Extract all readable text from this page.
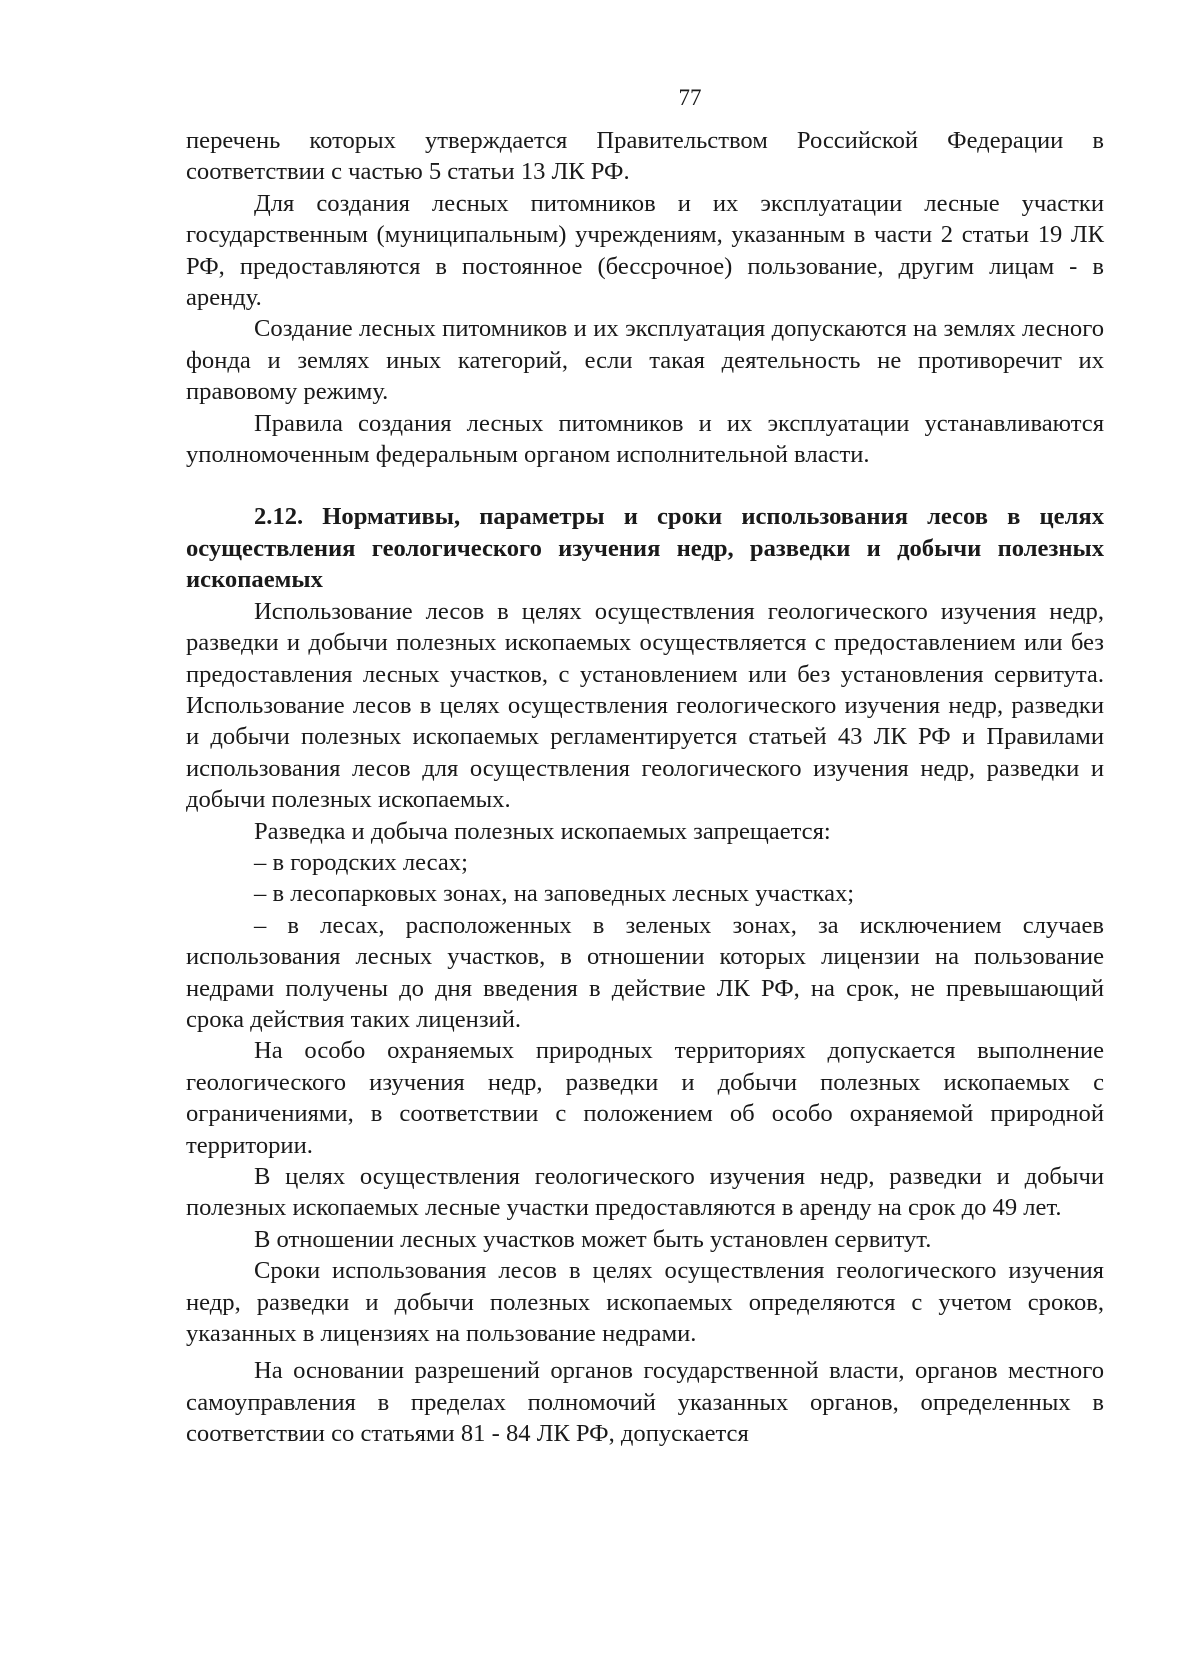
77

перечень которых утверждается Правительством Российской Федерации в соответствии с частью 5 статьи 13 ЛК РФ.

Для создания лесных питомников и их эксплуатации лесные участки государственным (муниципальным) учреждениям, указанным в части 2 статьи 19 ЛК РФ, предоставляются в постоянное (бессрочное) пользование, другим лицам - в аренду.

Создание лесных питомников и их эксплуатация допускаются на землях лесного фонда и землях иных категорий, если такая деятельность не противоречит их правовому режиму.

Правила создания лесных питомников и их эксплуатации устанавливаются уполномоченным федеральным органом исполнительной власти.

2.12. Нормативы, параметры и сроки использования лесов в целях осуществления геологического изучения недр, разведки и добычи полезных ископаемых

Использование лесов в целях осуществления геологического изучения недр, разведки и добычи полезных ископаемых осуществляется с предоставлением или без предоставления лесных участков, с установлением или без установления сервитута. Использование лесов в целях осуществления геологического изучения недр, разведки и добычи полезных ископаемых регламентируется статьей 43 ЛК РФ и Правилами использования лесов для осуществления геологического изучения недр, разведки и добычи полезных ископаемых.

Разведка и добыча полезных ископаемых запрещается:

– в городских лесах;

– в лесопарковых зонах, на заповедных лесных участках;

– в лесах, расположенных в зеленых зонах, за исключением случаев использования лесных участков, в отношении которых лицензии на пользование недрами получены до дня введения в действие ЛК РФ, на срок, не превышающий срока действия таких лицензий.

На особо охраняемых природных территориях допускается выполнение геологического изучения недр, разведки и добычи полезных ископаемых с ограничениями, в соответствии с положением об особо охраняемой природной территории.

В целях осуществления геологического изучения недр, разведки и добычи полезных ископаемых лесные участки предоставляются в аренду на срок до 49 лет.

В отношении лесных участков может быть установлен сервитут.

Сроки использования лесов в целях осуществления геологического изучения недр, разведки и добычи полезных ископаемых определяются с учетом сроков, указанных в лицензиях на пользование недрами.

На основании разрешений органов государственной власти, органов местного самоуправления в пределах полномочий указанных органов, определенных в соответствии со статьями 81 - 84 ЛК РФ, допускается
